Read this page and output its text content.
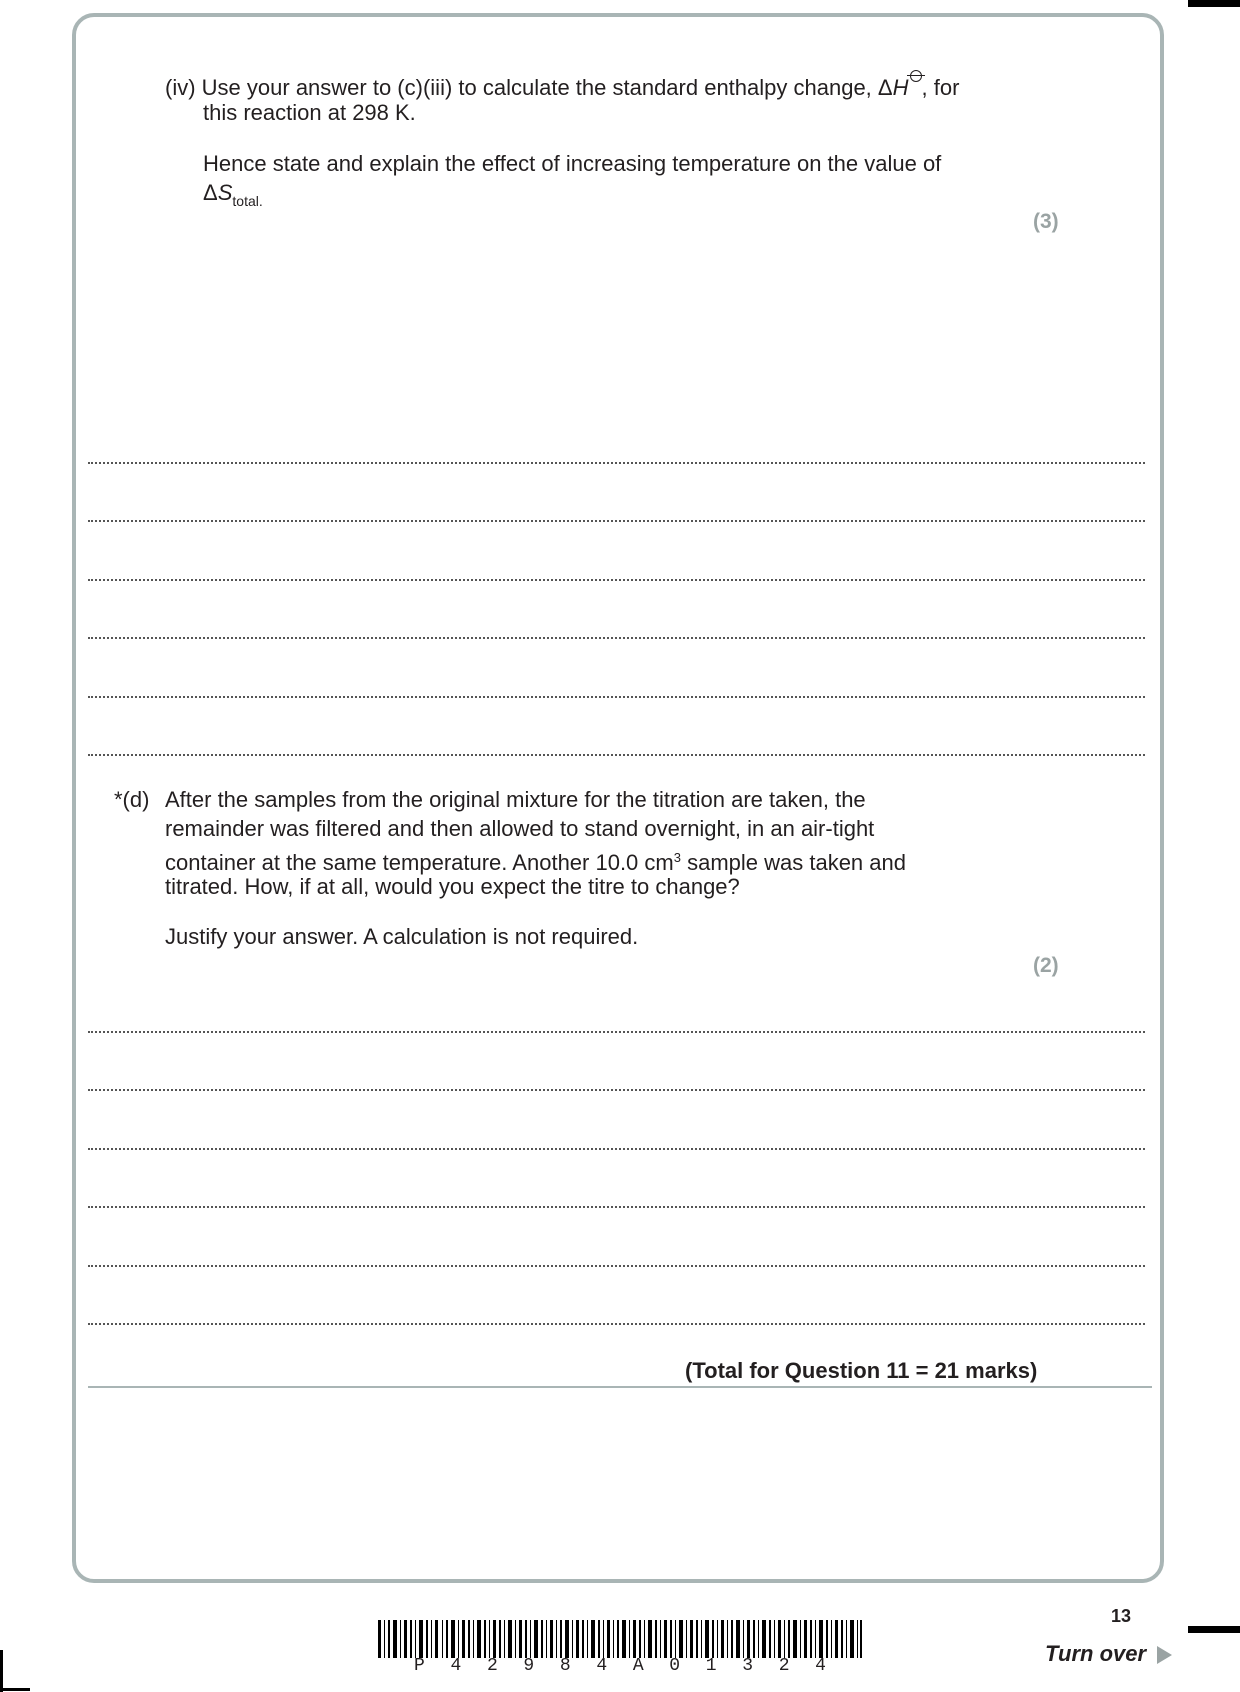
(iv) Use your answer to (c)(iii) to calculate the standard enthalpy change, ΔH , for
this reaction at 298 K.
Hence state and explain the effect of increasing temperature on the value of
$\Delta S_{total.}$
(3)
*(d) After the samples from the original mixture for the titration are taken, the
remainder was filtered and then allowed to stand overnight, in an air-tight
container at the same temperature. Another 10.0 $cm^3$ sample was taken and
titrated. How, if at all, would you expect the titre to change?
Justify your answer. A calculation is not required.
(2)
(Total for Question 11 = 21 marks)
13
P 4 2 9 8 4 A 0 1 3 2 4	Turn over
